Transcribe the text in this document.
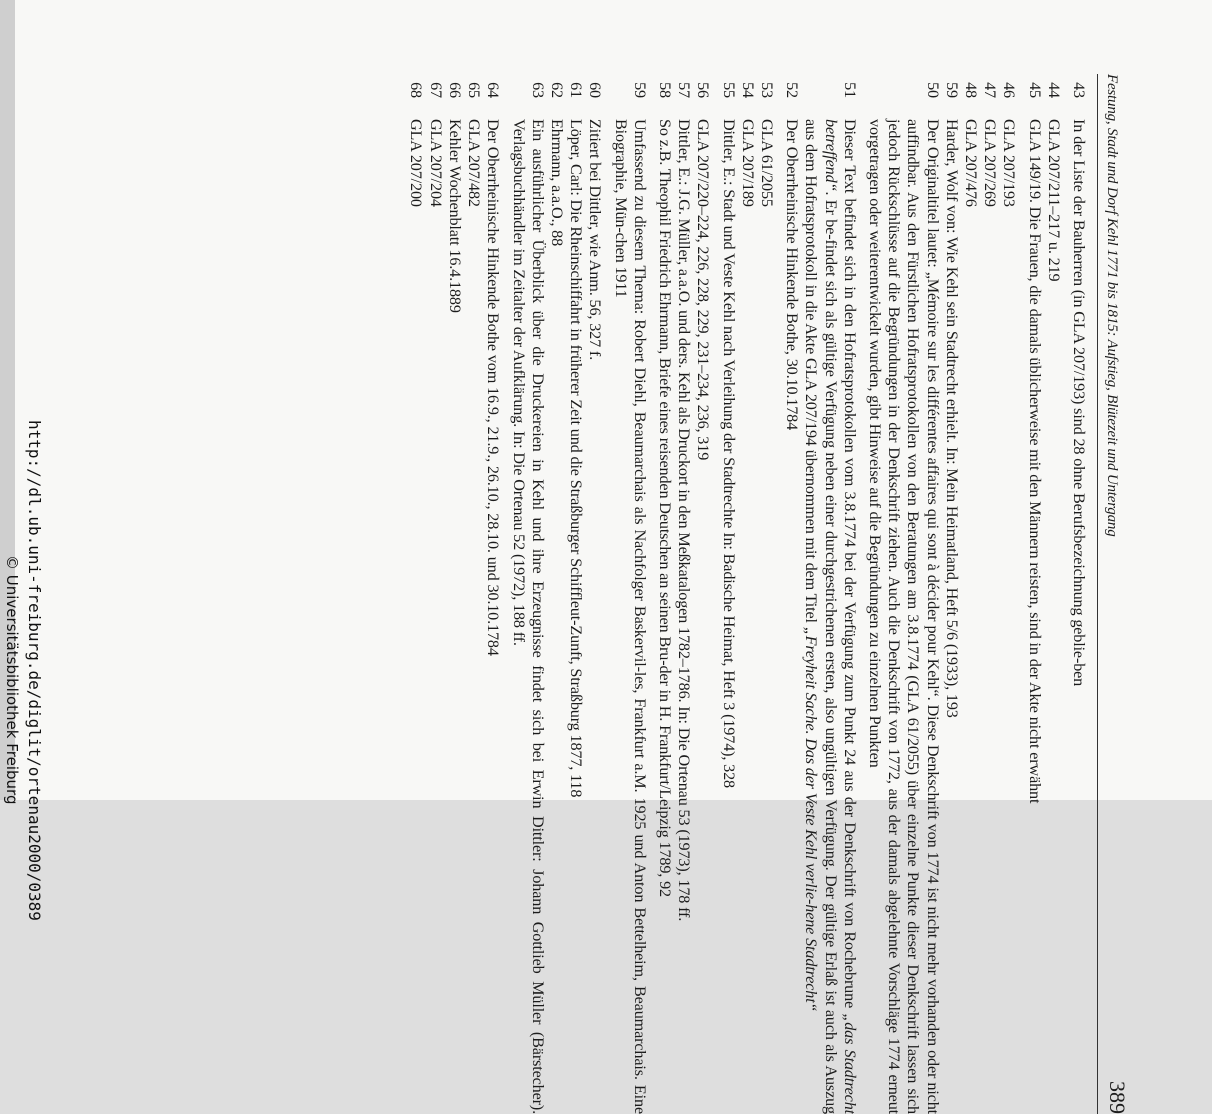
Festung, Stadt und Dorf Kehl 1771 bis 1815: Aufstieg, Blütezeit und Untergang
389
43
In der Liste der Bauherren (in GLA 207/193) sind 28 ohne Berufsbezeichnung geblie-ben
44
GLA 207/211–217 u. 219
45
GLA 149/19. Die Frauen, die damals üblicherweise mit den Männern reisten, sind in der Akte nicht erwähnt
46
GLA 207/193
47
GLA 207/269
48
GLA 207/476
59
Harder, Wolf von: Wie Kehl sein Stadtrecht erhielt. In: Mein Heimatland, Heft 5/6 (1933), 193
50
Der Originaltitel lautet: „Mémoire sur les différentes affaires qui sont à décider pour Kehl“. Diese Denkschrift von 1774 ist nicht mehr vorhanden oder nicht auffindbar. Aus den Fürstlichen Hofratsprotokollen von den Beratungen am 3.8.1774 (GLA 61/2055) über einzelne Punkte dieser Denkschrift lassen sich jedoch Rückschlüsse auf die Begründungen in der Denkschrift ziehen. Auch die Denkschrift von 1772, aus der damals abgelehnte Vorschläge 1774 erneut vorgetragen oder weiterentwickelt wurden, gibt Hinweise auf die Begründungen zu einzelnen Punkten
51
Dieser Text befindet sich in den Hofratsprotokollen vom 3.8.1774 bei der Verfügung zum Punkt 24 aus der Denkschrift von Rochebrune „das Stadtrecht betreffend“. Er be-findet sich als gültige Verfügung neben einer durchgestrichenen ersten, also ungültigen Verfügung. Der gültige Erlaß ist auch als Auszug aus dem Hofratsprotokoll in die Akte GLA 207/194 übernommen mit dem Titel „Freyheit Sache. Das der Veste Kehl verlie-hene Stadtrecht“
52
Der Oberrheinische Hinkende Bothe, 30.10.1784
53
GLA 61/2055
54
GLA 207/189
55
Dittler, E.: Stadt und Veste Kehl nach Verleihung der Stadtrechte In: Badische Heimat, Heft 3 (1974), 328
56
GLA 207/220–224, 226, 228, 229, 231–234, 236, 319
57
Dittler, E.: J.G. Müller, a.a.O. und ders. Kehl als Druckort in den Meßkatalogen 1782–1786. In: Die Ortenau 53 (1973), 178 ff.
58
So z.B. Theophil Friedrich Ehrmann, Briefe eines reisenden Deutschen an seinen Bru-der in H. Frankfurt/Leipzig 1789, 92
59
Umfassend zu diesem Thema: Robert Diehl, Beaumarchais als Nachfolger Baskervil-les, Frankfurt a.M. 1925 und Anton Bettelheim, Beaumarchais. Eine Biographie, Mün-chen 1911
60
Zitiert bei Dittler, wie Anm. 56, 327 f.
61
Löper, Carl: Die Rheinschiffahrt in früherer Zeit und die Straßburger Schiffleut-Zunft, Straßburg 1877, 118
62
Ehrmann, a.a.O., 88
63
Ein ausführlicher Überblick über die Druckereien in Kehl und ihre Erzeugnisse findet sich bei Erwin Dittler: Johann Gottlieb Müller (Bärstecher). Verlagsbuchhändler im Zeitalter der Aufklärung. In: Die Ortenau 52 (1972), 188 ff.
64
Der Oberrheinische Hinkende Bothe vom 16.9., 21.9., 26.10., 28.10. und 30.10.1784
65
GLA 207/482
66
Kehler Wochenblatt 16.4.1889
67
GLA 207/204
68
GLA 207/200
http://dl.ub.uni-freiburg.de/diglit/ortenau2000/0389
© Universitätsbibliothek Freiburg
